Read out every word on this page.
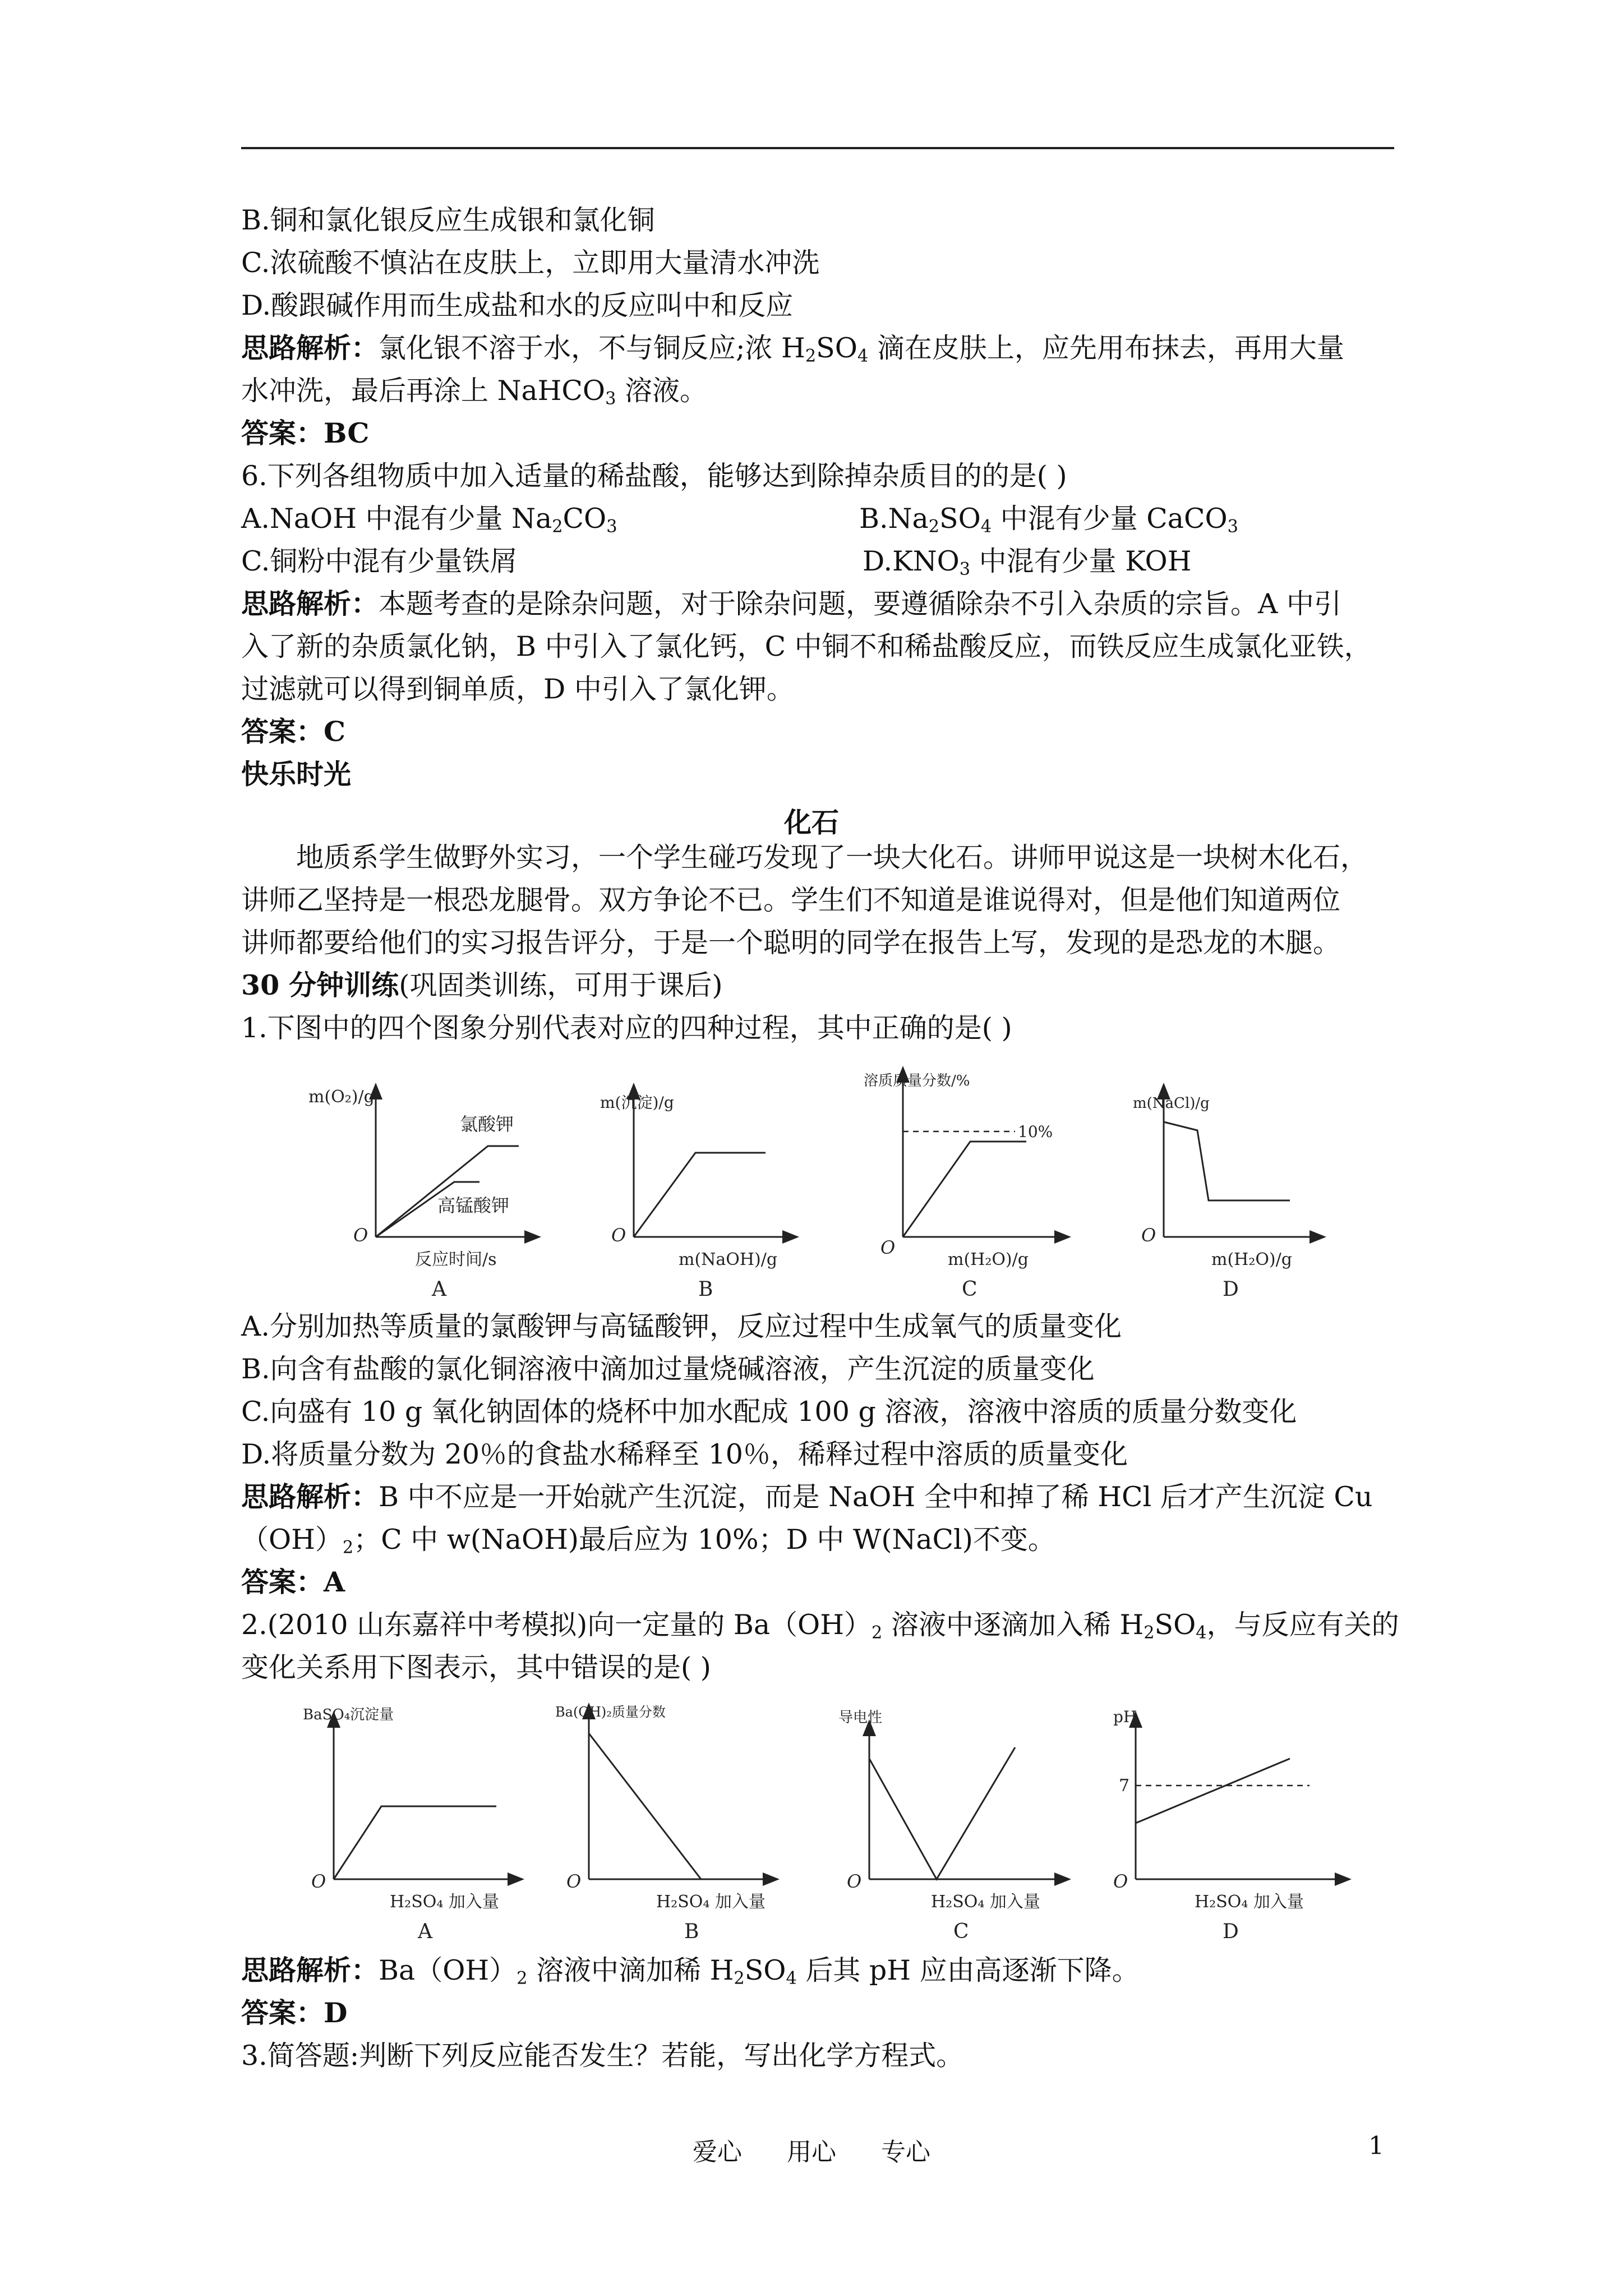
B.铜和氯化银反应生成银和氯化铜
C.浓硫酸不慎沾在皮肤上，立即用大量清水冲洗
D.酸跟碱作用而生成盐和水的反应叫中和反应
思路解析：氯化银不溶于水，不与铜反应;浓 $H_2SO_4$ 滴在皮肤上，应先用布抹去，再用大量
水冲洗，最后再涂上 NaHCO$_3$ 溶液。
答案：BC
6.下列各组物质中加入适量的稀盐酸，能够达到除掉杂质目的的是( )
A.NaOH 中混有少量 $Na_2CO_3$	$B.Na_2SO_4$ 中混有少量 CaCO$_3$
C.铜粉中混有少量铁屑	$D.KNO_3$ 中混有少量 KOH
思路解析：本题考查的是除杂问题，对于除杂问题，要遵循除杂不引入杂质的宗旨。A 中引
入了新的杂质氯化钠，B 中引入了氯化钙，C 中铜不和稀盐酸反应，而铁反应生成氯化亚铁，
过滤就可以得到铜单质，D 中引入了氯化钾。
答案：C
快乐时光
化石
地质系学生做野外实习，一个学生碰巧发现了一块大化石。讲师甲说这是一块树木化石，
讲师乙坚持是一根恐龙腿骨。双方争论不已。学生们不知道是谁说得对，但是他们知道两位
讲师都要给他们的实习报告评分，于是一个聪明的同学在报告上写，发现的是恐龙的木腿。
30 分钟训练(巩固类训练，可用于课后)
1.下图中的四个图象分别代表对应的四种过程，其中正确的是( )
m(O₂)/g
氯酸钾
高锰酸钾
O
反应时间/s
A
m(沉淀)/g
O
m(NaOH)/g
B
溶质质量分数/%
10%
O
m(H₂O)/g
C
m(NaCl)/g
O
m(H₂O)/g
D
A.分别加热等质量的氯酸钾与高锰酸钾，反应过程中生成氧气的质量变化
B.向含有盐酸的氯化铜溶液中滴加过量烧碱溶液，产生沉淀的质量变化
C.向盛有 10 g 氧化钠固体的烧杯中加水配成 100 g 溶液，溶液中溶质的质量分数变化
D.将质量分数为 20％的食盐水稀释至 10％，稀释过程中溶质的质量变化
思路解析：B 中不应是一开始就产生沉淀，而是 NaOH 全中和掉了稀 HCl 后才产生沉淀 Cu
$(OH)_2$；C 中 w(NaOH)最后应为 10%；D 中 W(NaCl)不变。
答案：A
2.(2010 山东嘉祥中考模拟)向一定量的 $Ba(OH)_2$ 溶液中逐滴加入稀 $H_2SO_4$，与反应有关的
变化关系用下图表示，其中错误的是( )
BaSO₄沉淀量
O
H₂SO₄ 加入量
A
Ba(OH)₂质量分数
O
H₂SO₄ 加入量
B
导电性
O
H₂SO₄ 加入量
C
pH
7
O
H₂SO₄ 加入量
D
思路解析：$Ba(OH)_2$ 溶液中滴加稀 $H_2SO_4$ 后其 pH 应由高逐渐下降。
答案：D
3.简答题:判断下列反应能否发生？若能，写出化学方程式。
爱心 用心 专心	1
